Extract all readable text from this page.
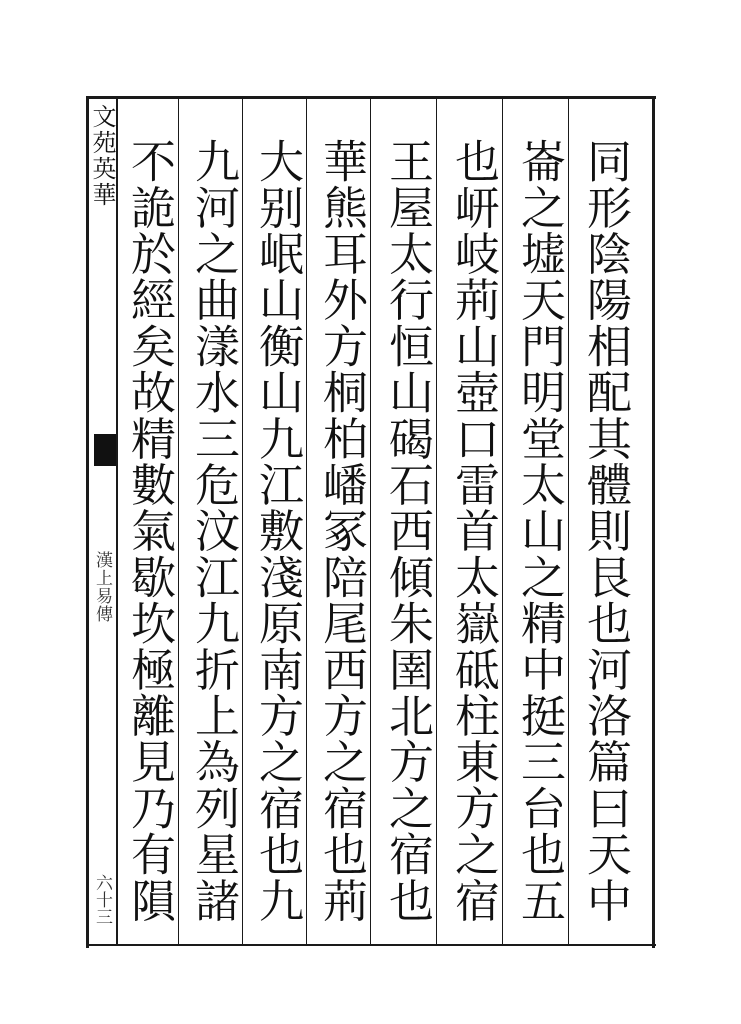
文苑英華
漢上易傳
六十三
同形陰陽相配其體則艮也河洛篇曰天中
崙之墟天門明堂太山之精中挺三台也五
也岍岐荊山壺口雷首太嶽砥柱東方之宿
王屋太行恒山碣石西傾朱圉北方之宿也
華熊耳外方桐柏嶓冢陪尾西方之宿也荊
大别岷山衡山九江敷淺原南方之宿也九
九河之曲漾水三危汶江九折上為列星諸
不詭於經矣故精數氣歇坎極離見乃有隕
